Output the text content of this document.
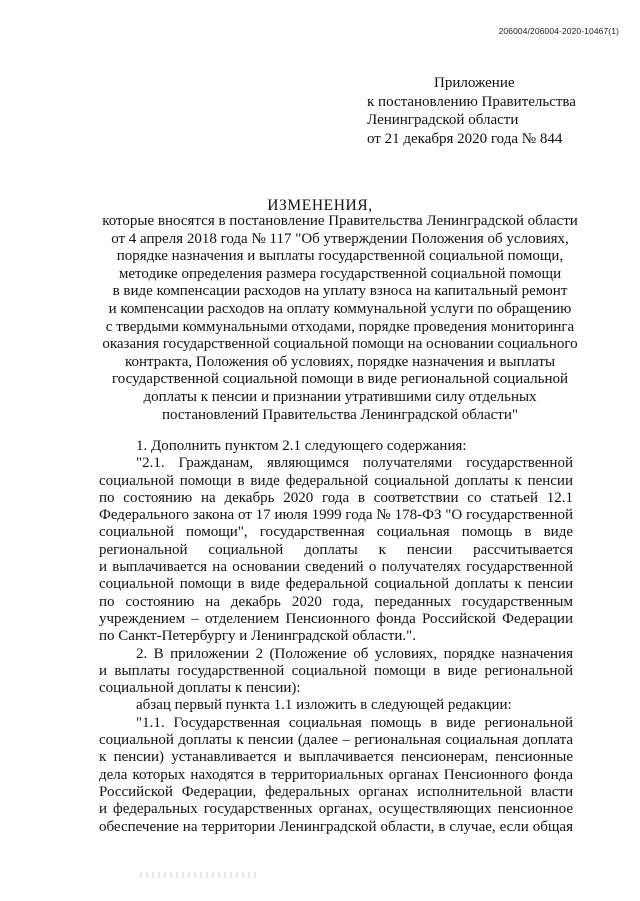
206004/206004-2020-10467(1)
Приложение
к постановлению Правительства
Ленинградской области
от 21 декабря 2020 года № 844
ИЗМЕНЕНИЯ,
которые вносятся в постановление Правительства Ленинградской области
от 4 апреля 2018 года № 117 "Об утверждении Положения об условиях,
порядке назначения и выплаты государственной социальной помощи,
методике определения размера государственной социальной помощи
в виде компенсации расходов на уплату взноса на капитальный ремонт
и компенсации расходов на оплату коммунальной услуги по обращению
с твердыми коммунальными отходами, порядке проведения мониторинга
оказания государственной социальной помощи на основании социального
контракта, Положения об условиях, порядке назначения и выплаты
государственной социальной помощи в виде региональной социальной
доплаты к пенсии и признании утратившими силу отдельных
постановлений Правительства Ленинградской области"

1. Дополнить пунктом 2.1 следующего содержания:

"2.1. Гражданам, являющимся получателями государственной

социальной помощи в виде федеральной социальной доплаты к пенсии

по состоянию на декабрь 2020 года в соответствии со статьей 12.1

Федерального закона от 17 июля 1999 года № 178-ФЗ "О государственной

социальной помощи", государственная социальная помощь в виде

региональной социальной доплаты к пенсии рассчитывается

и выплачивается на основании сведений о получателях государственной

социальной помощи в виде федеральной социальной доплаты к пенсии

по состоянию на декабрь 2020 года, переданных государственным

учреждением – отделением Пенсионного фонда Российской Федерации

по Санкт-Петербургу и Ленинградской области.".

2. В приложении 2 (Положение об условиях, порядке назначения

и выплаты государственной социальной помощи в виде региональной

социальной доплаты к пенсии):

абзац первый пункта 1.1 изложить в следующей редакции:

"1.1. Государственная социальная помощь в виде региональной

социальной доплаты к пенсии (далее – региональная социальная доплата

к пенсии) устанавливается и выплачивается пенсионерам, пенсионные

дела которых находятся в территориальных органах Пенсионного фонда

Российской Федерации, федеральных органах исполнительной власти

и федеральных государственных органах, осуществляющих пенсионное

обеспечение на территории Ленинградской области, в случае, если общая
